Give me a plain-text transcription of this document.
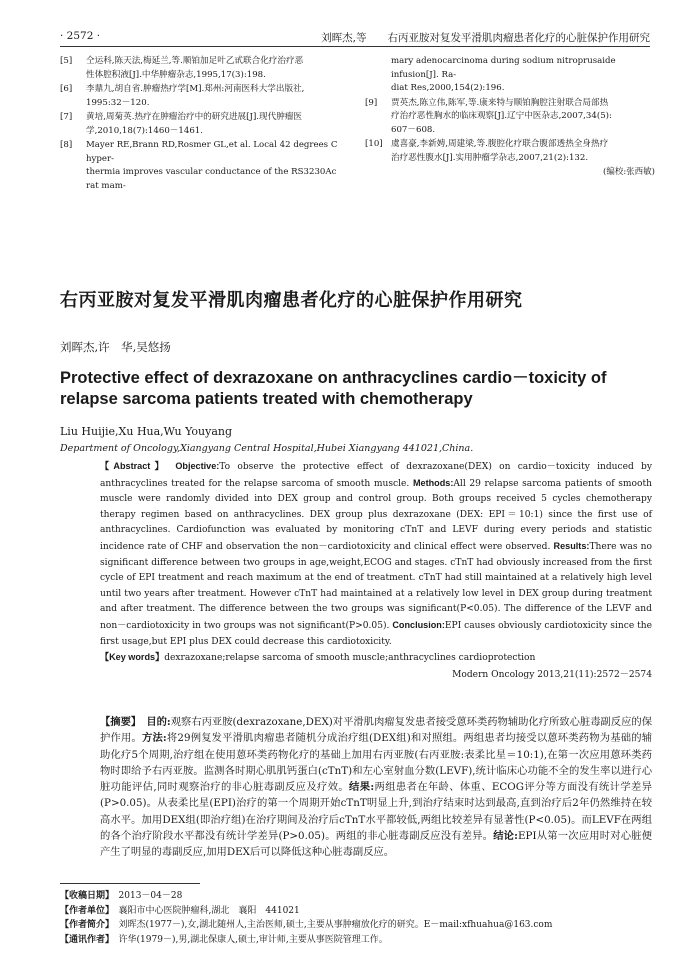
· 2572 ·	刘晖杰,等　　右丙亚胺对复发平滑肌肉瘤患者化疗的心脏保护作用研究
[5]	仝运科,陈天法,梅延兰,等.顺铂加足叶乙甙联合化疗治疗恶
性体腔积液[J].中华肿瘤杂志,1995,17(3):198.
[6]	李鼎九,胡自省.肿瘤热疗学[M].郑州:河南医科大学出版社,
1995:32－120.
[7]	黄培,周菊英.热疗在肿瘤治疗中的研究进展[J].现代肿瘤医
学,2010,18(7):1460－1461.
[8]	Mayer RE,Brann RD,Rosmer GL,et al. Local 42 degrees C hyper-
thermia improves vascular conductance of the RS3230Ac rat mam-
mary adenocarcinoma during sodium nitroprusaide infusion[J]. Ra-
diat Res,2000,154(2):196.
[9]	贾英杰,陈立伟,陈军,等.康来特与顺铂胸腔注射联合局部热
疗治疗恶性胸水的临床观察[J].辽宁中医杂志,2007,34(5):
607－608.
[10] 虞喜豪,李新娉,周建梁,等.腹腔化疗联合腹部透热全身热疗
治疗恶性腹水[J].实用肿瘤学杂志,2007,21(2):132.
(编校:张西敏)
右丙亚胺对复发平滑肌肉瘤患者化疗的心脏保护作用研究
刘晖杰,许　华,吴悠扬
Protective effect of dexrazoxane on anthracyclines cardio－toxicity of relapse sarcoma patients treated with chemotherapy
Liu Huijie,Xu Hua,Wu Youyang
Department of Oncology,Xiangyang Central Hospital,Hubei Xiangyang 441021,China.
【Abstract】 Objective:To observe the protective effect of dexrazoxane(DEX) on cardio－toxicity induced by anthracyclines treated for the relapse sarcoma of smooth muscle. Methods:All 29 relapse sarcoma patients of smooth muscle were randomly divided into DEX group and control group. Both groups received 5 cycles chemotherapy therapy regimen based on anthracyclines. DEX group plus dexrazoxane (DEX: EPI＝10:1) since the first use of anthracyclines. Cardiofunction was evaluated by monitoring cTnT and LEVF during every periods and statistic incidence rate of CHF and observation the non－cardiotoxicity and clinical effect were observed. Results:There was no significant difference between two groups in age,weight,ECOG and stages. cTnT had obviously increased from the first cycle of EPI treatment and reach maximum at the end of treatment. cTnT had still maintained at a relatively high level until two years after treatment. However cTnT had maintained at a relatively low level in DEX group during treatment and after treatment. The difference between the two groups was significant(P<0.05). The difference of the LEVF and non－cardiotoxicity in two groups was not significant(P>0.05). Conclusion:EPI causes obviously cardiotoxicity since the first usage,but EPI plus DEX could decrease this cardiotoxicity.
【Key words】dexrazoxane;relapse sarcoma of smooth muscle;anthracyclines cardioprotection
Modern Oncology 2013,21(11):2572－2574
【摘要】　 目的:观察右丙亚胺(dexrazoxane,DEX)对平滑肌肉瘤复发患者接受蒽环类药物辅助化疗所致心脏毒副反应的保护作用。方法:将29例复发平滑肌肉瘤患者随机分成治疗组(DEX组)和对照组。两组患者均接受以蒽环类药物为基础的辅助化疗5个周期,治疗组在使用蒽环类药物化疗的基础上加用右丙亚胺(右丙亚胺:表柔比星＝10:1),在第一次应用蒽环类药物时即给予右丙亚胺。监测各时期心肌肌钙蛋白(cTnT)和左心室射血分数(LEVF),统计临床心功能不全的发生率以进行心脏功能评估,同时观察治疗的非心脏毒副反应及疗效。结果:两组患者在年龄、体重、ECOG评分等方面没有统计学差异(P>0.05)。从表柔比星(EPI)治疗的第一个周期开始cTnT明显上升,到治疗结束时达到最高,直到治疗后2年仍然维持在较高水平。加用DEX组(即治疗组)在治疗期间及治疗后cTnT水平都较低,两组比较差异有显著性(P<0.05)。而LEVF在两组的各个治疗阶段水平都没有统计学差异(P>0.05)。两组的非心脏毒副反应没有差异。结论:EPI从第一次应用时对心脏便产生了明显的毒副反应,加用DEX后可以降低这种心脏毒副反应。
【收稿日期】　 2013－04－28
【作者单位】　 襄阳市中心医院肿瘤科,湖北　襄阳　441021
【作者简介】　 刘晖杰(1977－),女,湖北随州人,主治医师,硕士,主要从事肿瘤放化疗的研究。E－mail:xfhuahua@163.com
【通讯作者】　 许华(1979－),男,湖北保康人,硕士,审计师,主要从事医院管理工作。
